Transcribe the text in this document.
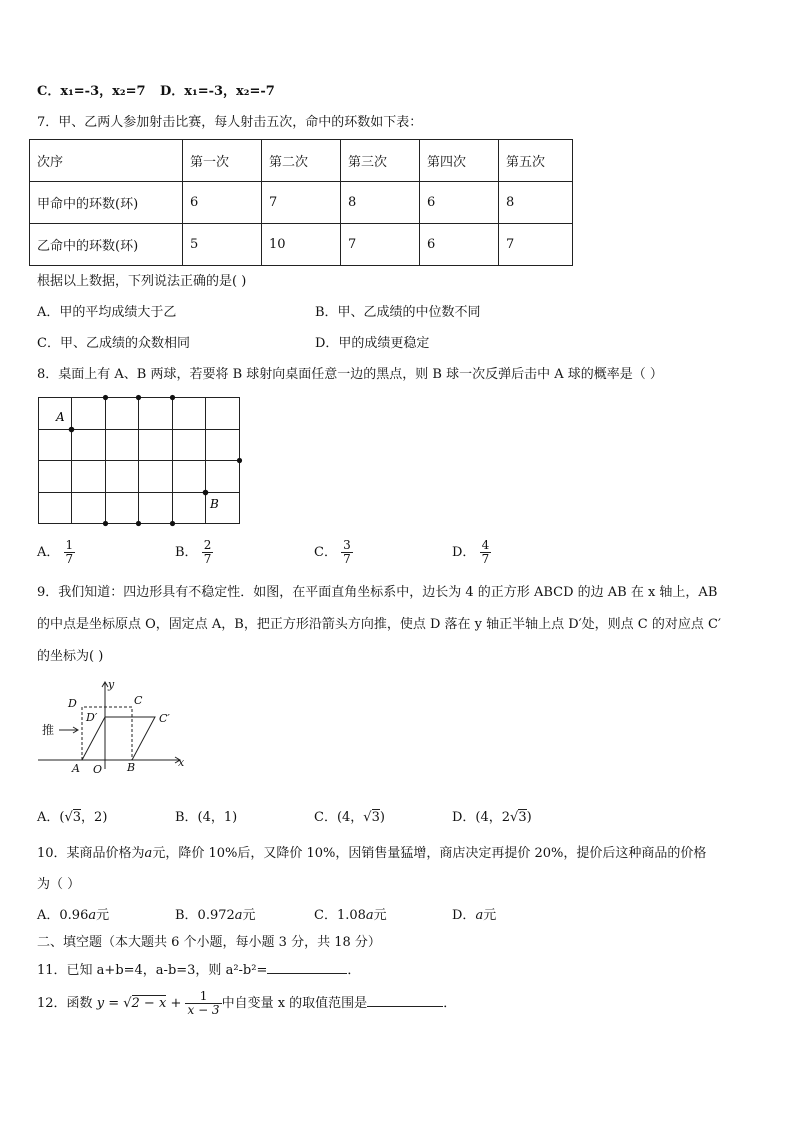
C．x₁=-3，x₂=7 D．x₁=-3，x₂=-7
7．甲、乙两人参加射击比赛，每人射击五次，命中的环数如下表：
次序	第一次	第二次	第三次	第四次	第五次
甲命中的环数(环)	6	7	8	6	8
乙命中的环数(环)	5	10	7	6	7
根据以上数据，下列说法正确的是( )
A．甲的平均成绩大于乙	B．甲、乙成绩的中位数不同
C．甲、乙成绩的众数相同	D．甲的成绩更稳定
8．桌面上有 A、B 两球，若要将 B 球射向桌面任意一边的黑点，则 B 球一次反弹后击中 A 球的概率是（ ）
A
B
A． $\frac{1}{7}$	B． $\frac{2}{7}$	C． $\frac{3}{7}$	D． $\frac{4}{7}$
9．我们知道：四边形具有不稳定性．如图，在平面直角坐标系中，边长为 4 的正方形 ABCD 的边 AB 在 x 轴上，AB
的中点是坐标原点 O，固定点 A，B，把正方形沿箭头方向推，使点 D 落在 y 轴正半轴上点 D′处，则点 C 的对应点 C′
的坐标为( )
y
x
D	C
D′	C′
A O B
推
A．(√3，2)	B．(4，1)	C．(4，√3)	D．(4，2√3)
10．某商品价格为a元，降价 10%后，又降价 10%，因销售量猛增，商店决定再提价 20%，提价后这种商品的价格
为（ ）
A．0.96a元	B．0.972a元	C．1.08a元	D．a元
二、填空题（本大题共 6 个小题，每小题 3 分，共 18 分）
11．已知 a+b=4，a-b=3，则 a²-b²=	．
12．函数 $y = √2 - x + \frac{1}{x - 3}$ 中自变量 x 的取值范围是	．
